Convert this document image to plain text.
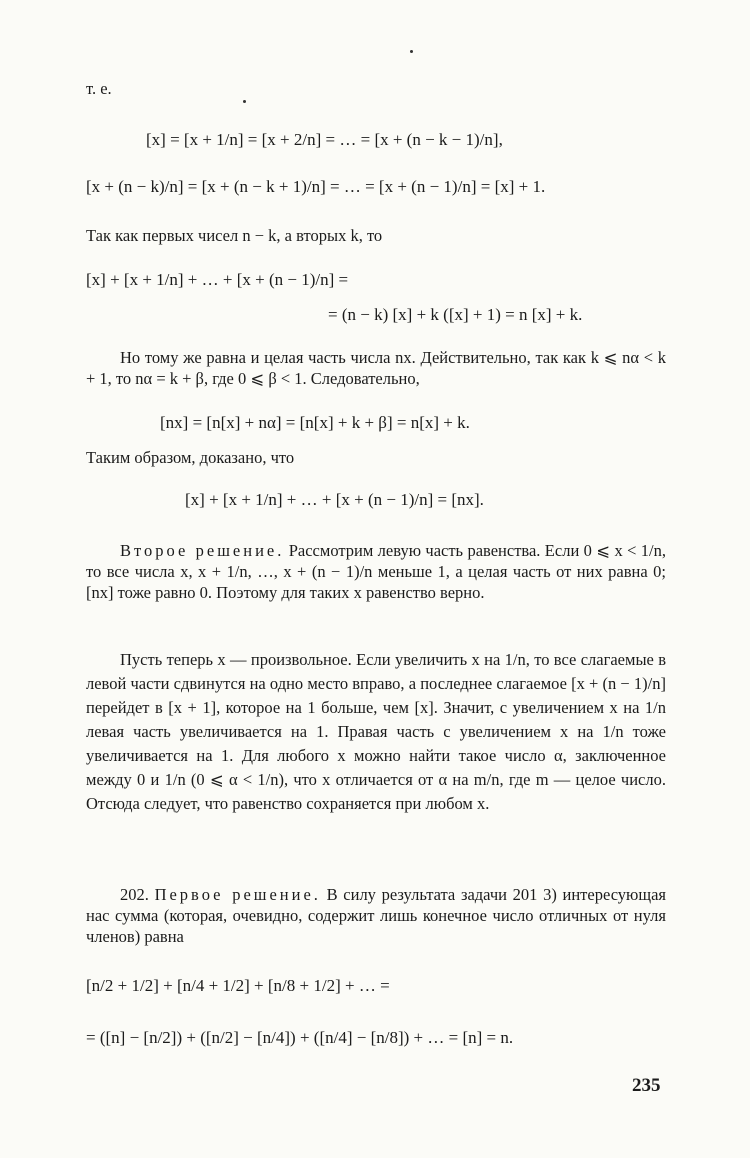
т. е.
[x] = [x + 1/n] = [x + 2/n] = … = [x + (n − k − 1)/n],
[x + (n − k)/n] = [x + (n − k + 1)/n] = … = [x + (n − 1)/n] = [x] + 1.
Так как первых чисел n − k, а вторых k, то
[x] + [x + 1/n] + … + [x + (n − 1)/n] =
= (n − k) [x] + k ([x] + 1) = n [x] + k.
Но тому же равна и целая часть числа nx. Действительно, так как k ⩽ nα < k + 1, то nα = k + β, где 0 ⩽ β < 1. Следовательно,
[nx] = [n[x] + nα] = [n[x] + k + β] = n[x] + k.
Таким образом, доказано, что
[x] + [x + 1/n] + … + [x + (n − 1)/n] = [nx].
Второе решение. Рассмотрим левую часть равенства. Если 0 ⩽ x < 1/n, то все числа x, x + 1/n, …, x + (n − 1)/n меньше 1, а целая часть от них равна 0; [nx] тоже равно 0. Поэтому для таких x равенство верно.
Пусть теперь x — произвольное. Если увеличить x на 1/n, то все слагаемые в левой части сдвинутся на одно место вправо, а последнее слагаемое [x + (n − 1)/n] перейдет в [x + 1], которое на 1 больше, чем [x]. Значит, с увеличением x на 1/n левая часть увеличивается на 1. Правая часть с увеличением x на 1/n тоже увеличивается на 1. Для любого x можно найти такое число α, заключенное между 0 и 1/n (0 ⩽ α < 1/n), что x отличается от α на m/n, где m — целое число. Отсюда следует, что равенство сохраняется при любом x.
202. Первое решение. В силу результата задачи 201 3) интересующая нас сумма (которая, очевидно, содержит лишь конечное число отличных от нуля членов) равна
[n/2 + 1/2] + [n/4 + 1/2] + [n/8 + 1/2] + … =
= ([n] − [n/2]) + ([n/2] − [n/4]) + ([n/4] − [n/8]) + … = [n] = n.
235
